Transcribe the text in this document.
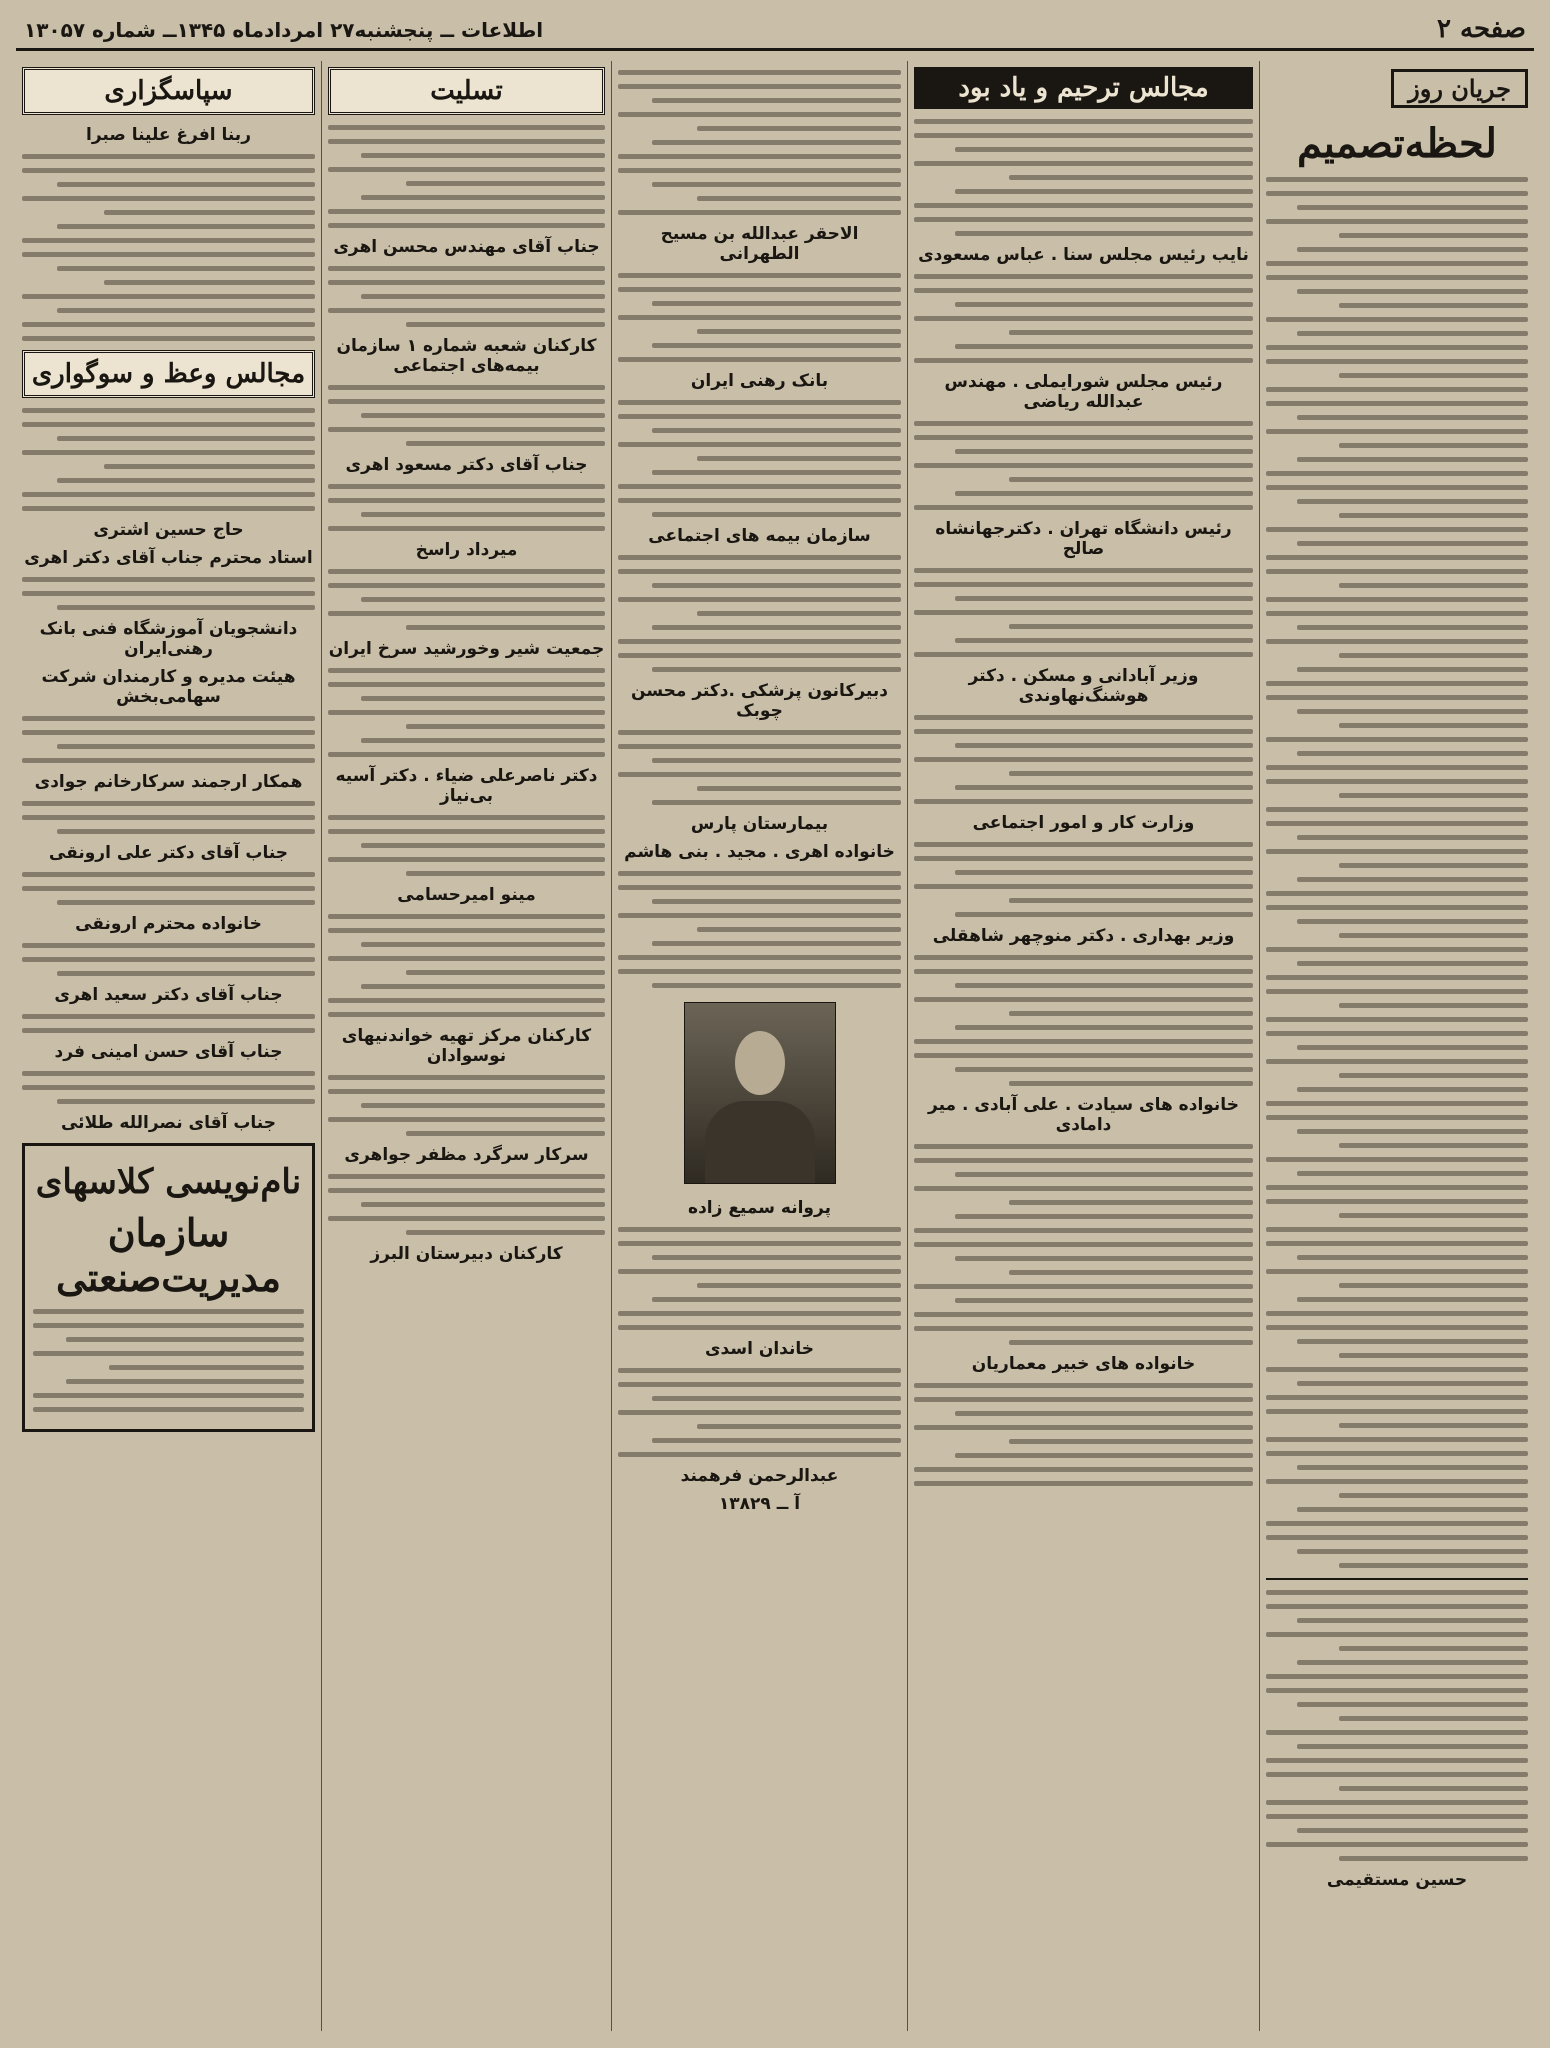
صفحه ۲
اطلاعات ــ پنجشنبه۲۷ امردادماه ۱۳۴۵ــ شماره ۱۳۰۵۷
جریان روز
لحظه‌تصمیم
حسین مستقیمی
مجالس ترحیم و یاد بود
نایب رئیس مجلس سنا . عباس مسعودی
رئیس مجلس شورایملی . مهندس عبدالله ریاضی
رئیس دانشگاه تهران . دکترجهانشاه صالح
وزیر آبادانی و مسکن . دکتر هوشنگ‌نهاوندی
وزارت کار و امور اجتماعی
وزیر بهداری . دکتر منوچهر شاهقلی
خانواده های سیادت . علی آبادی . میر دامادی
خانواده های خبیر معماریان
الاحقر عبدالله بن مسیح الطهرانی
بانک رهنی ایران
سازمان بیمه های اجتماعی
دبیرکانون پزشکی .دکتر محسن چوبک
بیمارستان پارس
خانواده اهری . مجید . بنی هاشم
پروانه سمیع زاده
خاندان اسدی
عبدالرحمن فرهمند
آ ــ ۱۳۸۲۹
تسلیت
جناب آقای مهندس محسن اهری
کارکنان شعبه شماره ۱ سازمان بیمه‌های اجتماعی
جناب آقای دکتر مسعود اهری
میرداد راسخ
جمعیت شیر وخورشید سرخ ایران
دکتر ناصرعلی ضیاء . دکتر آسیه بی‌نیاز
مینو امیرحسامی
کارکنان مرکز تهیه خواندنیهای نوسوادان
سرکار سرگرد مظفر جواهری
کارکنان دبیرستان البرز
سپاسگزاری
ربنا افرغ علینا صبرا
مجالس وعظ و سوگواری
حاج حسین اشتری
استاد محترم جناب آقای دکتر اهری
دانشجویان آموزشگاه فنی بانک رهنی‌ایران
هیئت مدیره و کارمندان شرکت سهامی‌بخش
همکار ارجمند سرکارخانم جوادی
جناب آقای دکتر علی ارونقی
خانواده محترم ارونقی
جناب آقای دکتر سعید اهری
جناب آقای حسن امینی فرد
جناب آقای نصرالله طلائی
نام‌نویسی کلاسهای
سازمان مدیریت‌صنعتی
